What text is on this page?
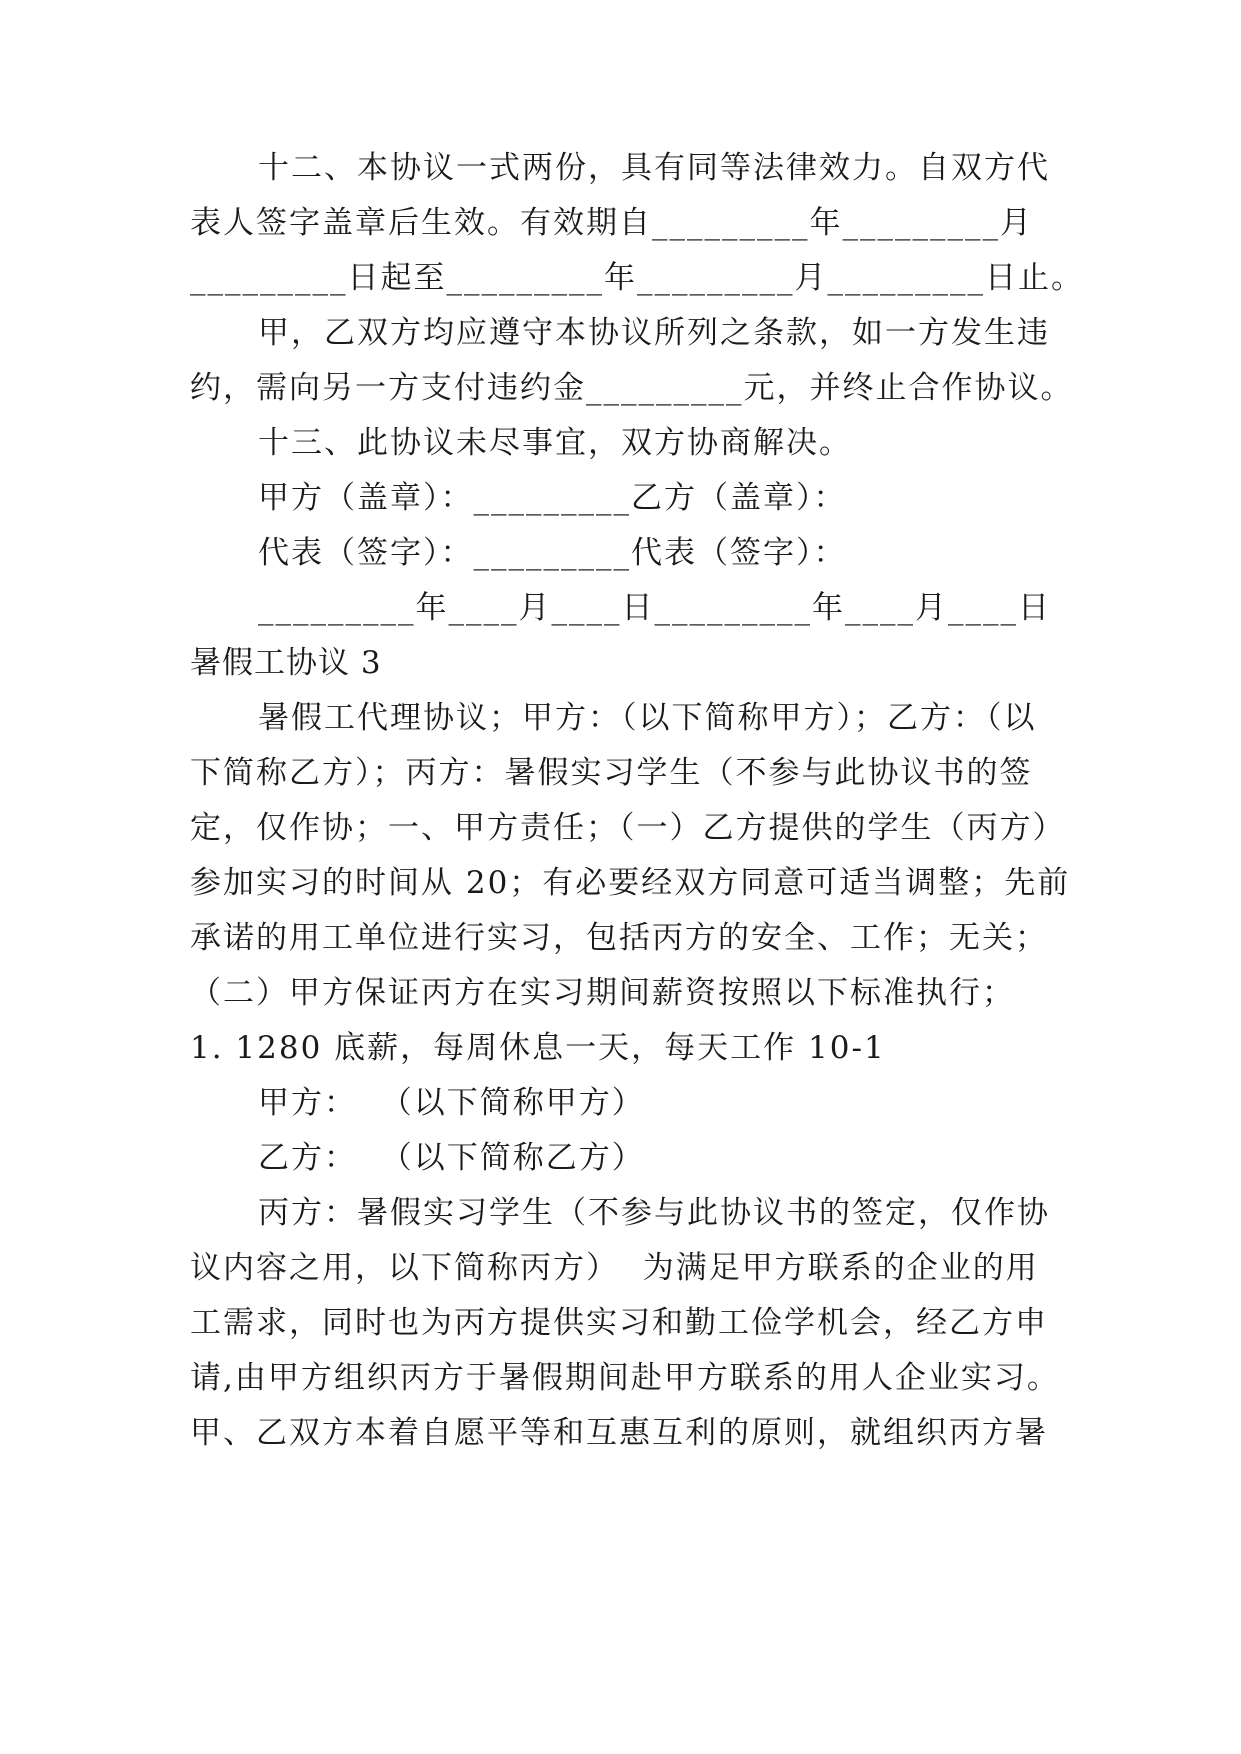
十二、本协议一式两份，具有同等法律效力。自双方代
表人签字盖章后生效。有效期自_________年_________月
_________日起至_________年_________月_________日止。
甲，乙双方均应遵守本协议所列之条款，如一方发生违
约，需向另一方支付违约金_________元，并终止合作协议。
十三、此协议未尽事宜，双方协商解决。
甲方（盖章）：_________乙方（盖章）：
代表（签字）：_________代表（签字）：
_________年____月____日_________年____月____日
暑假工协议 3
暑假工代理协议；甲方：（以下简称甲方）；乙方：（以
下简称乙方）；丙方：暑假实习学生（不参与此协议书的签
定，仅作协；一、甲方责任；（一）乙方提供的学生（丙方）
参加实习的时间从 20；有必要经双方同意可适当调整；先前
承诺的用工单位进行实习，包括丙方的安全、工作；无关；
（二）甲方保证丙方在实习期间薪资按照以下标准执行；
1. 1280 底薪，每周休息一天，每天工作 10-1
甲方：  （以下简称甲方）
乙方：  （以下简称乙方）
丙方：暑假实习学生（不参与此协议书的签定，仅作协
议内容之用，以下简称丙方）  为满足甲方联系的企业的用
工需求，同时也为丙方提供实习和勤工俭学机会，经乙方申
请,由甲方组织丙方于暑假期间赴甲方联系的用人企业实习。
甲、乙双方本着自愿平等和互惠互利的原则，就组织丙方暑
